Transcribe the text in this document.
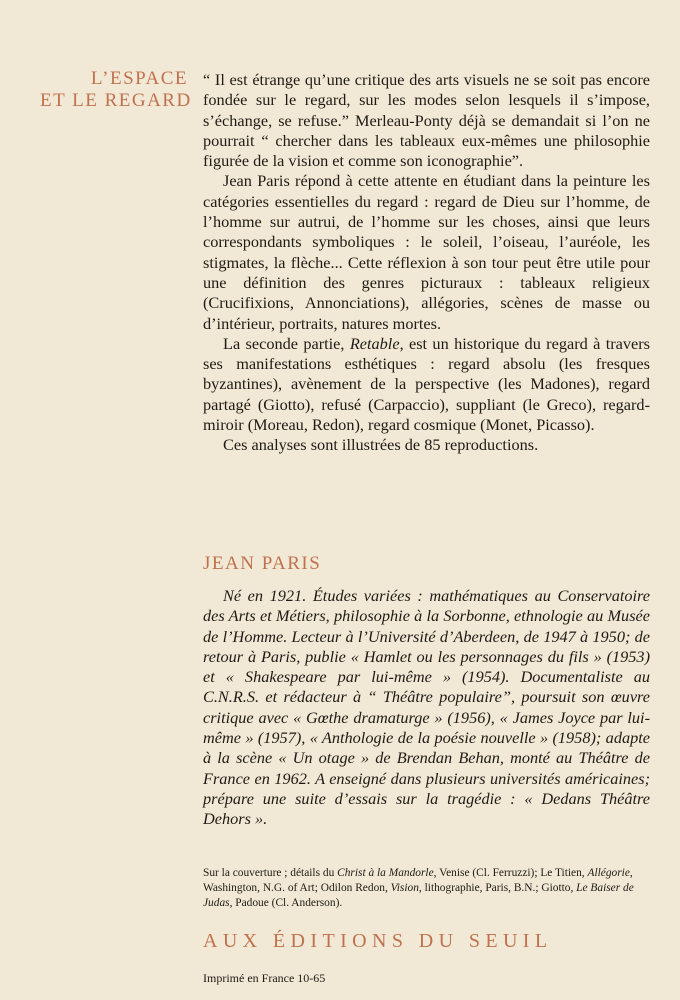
L’ESPACE
ET LE REGARD

“ Il est étrange qu’une critique des arts visuels ne se soit pas encore fondée sur le regard, sur les modes selon lesquels il s’impose, s’échange, se refuse.” Merleau-Ponty déjà se demandait si l’on ne pourrait “ chercher dans les tableaux eux-mêmes une philosophie figurée de la vision et comme son iconographie”.

Jean Paris répond à cette attente en étudiant dans la peinture les catégories essentielles du regard : regard de Dieu sur l’homme, de l’homme sur autrui, de l’homme sur les choses, ainsi que leurs correspondants symboliques : le soleil, l’oiseau, l’auréole, les stigmates, la flèche... Cette réflexion à son tour peut être utile pour une définition des genres picturaux : tableaux religieux (Crucifixions, Annonciations), allégories, scènes de masse ou d’intérieur, portraits, natures mortes.

La seconde partie, Retable, est un historique du regard à travers ses manifestations esthétiques : regard absolu (les fresques byzantines), avènement de la perspective (les Madones), regard partagé (Giotto), refusé (Carpaccio), suppliant (le Greco), regard-miroir (Moreau, Redon), regard cosmique (Monet, Picasso).

Ces analyses sont illustrées de 85 reproductions.

JEAN PARIS

Né en 1921. Études variées : mathématiques au Conservatoire des Arts et Métiers, philosophie à la Sorbonne, ethnologie au Musée de l’Homme. Lecteur à l’Université d’Aberdeen, de 1947 à 1950; de retour à Paris, publie « Hamlet ou les personnages du fils » (1953) et « Shakespeare par lui-même » (1954). Documentaliste au C.N.R.S. et rédacteur à “ Théâtre populaire”, poursuit son œuvre critique avec « Gœthe dramaturge » (1956), « James Joyce par lui-même » (1957), « Anthologie de la poésie nouvelle » (1958); adapte à la scène « Un otage » de Brendan Behan, monté au Théâtre de France en 1962. A enseigné dans plusieurs universités américaines; prépare une suite d’essais sur la tragédie : « Dedans Théâtre Dehors ».

Sur la couverture ; détails du Christ à la Mandorle, Venise (Cl. Ferruzzi); Le Titien, Allégorie, Washington, N.G. of Art; Odilon Redon, Vision, lithographie, Paris, B.N.; Giotto, Le Baiser de Judas, Padoue (Cl. Anderson).

AUX ÉDITIONS DU SEUIL
Imprimé en France 10-65
